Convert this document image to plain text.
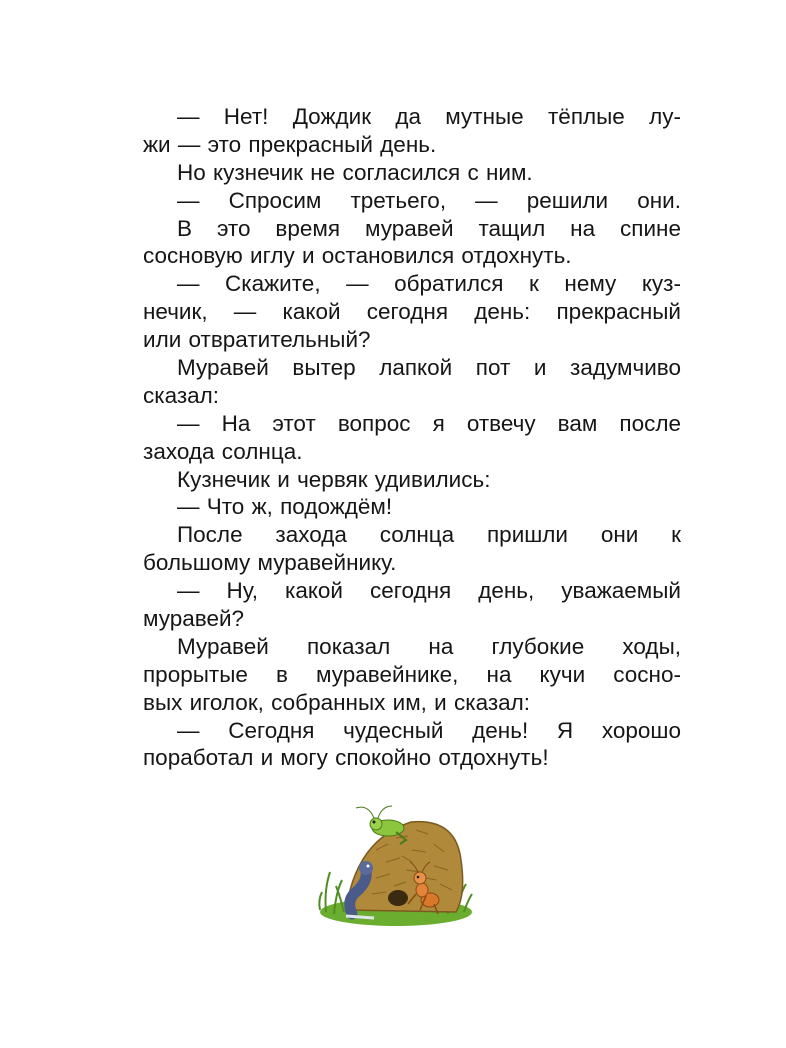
— Нет! Дождик да мутные тёплые лу-
жи — это прекрасный день.
Но кузнечик не согласился с ним.
— Спросим третьего, — решили они.
В это время муравей тащил на спине
сосновую иглу и остановился отдохнуть.
— Скажите, — обратился к нему куз-
нечик, — какой сегодня день: прекрасный
или отвратительный?
Муравей вытер лапкой пот и задумчиво
сказал:
— На этот вопрос я отвечу вам после
захода солнца.
Кузнечик и червяк удивились:
— Что ж, подождём!
После захода солнца пришли они к
большому муравейнику.
— Ну, какой сегодня день, уважаемый
муравей?
Муравей показал на глубокие ходы,
прорытые в муравейнике, на кучи сосно-
вых иголок, собранных им, и сказал:
— Сегодня чудесный день! Я хорошо
поработал и могу спокойно отдохнуть!
